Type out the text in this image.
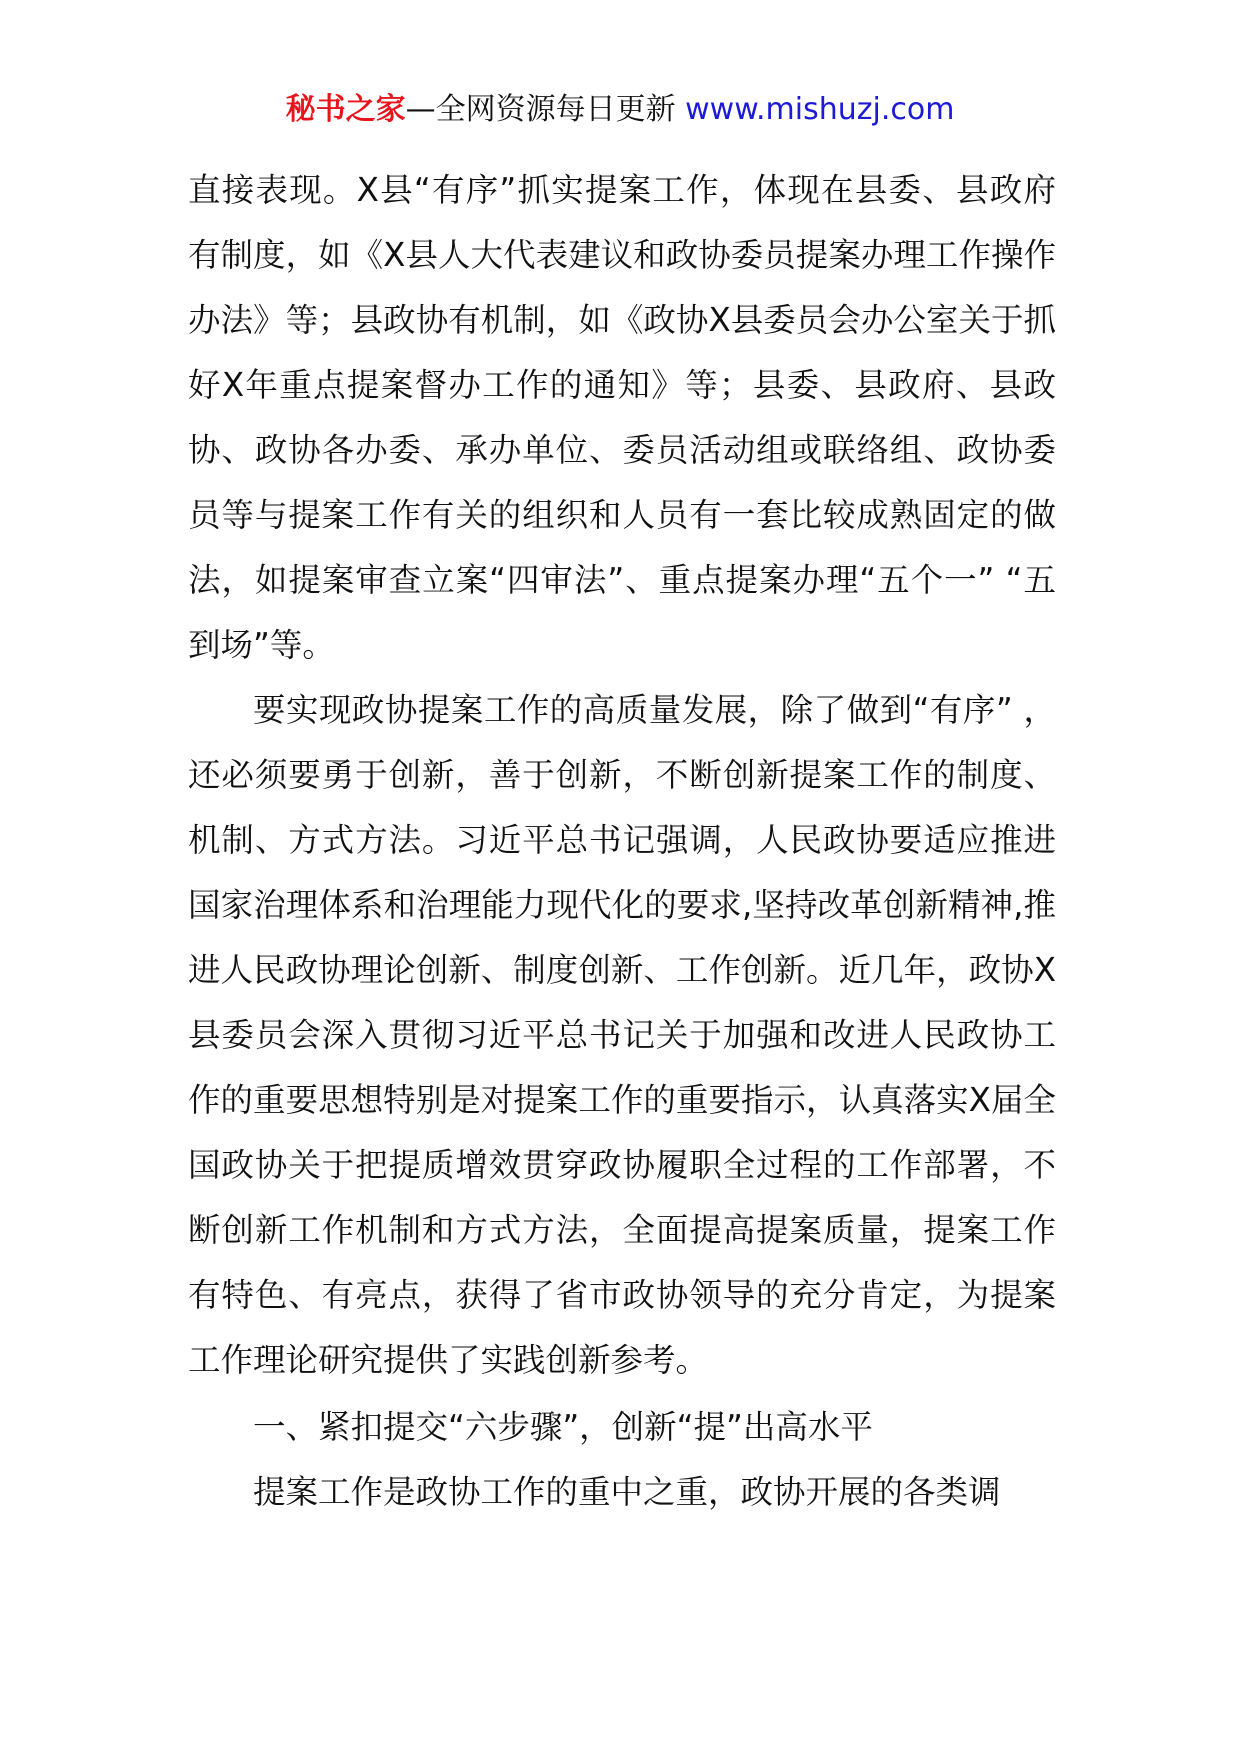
秘书之家—全网资源每日更新 www.mishuzj.com

直接表现。X县“有序”抓实提案工作，体现在县委、县政府有制度，如《X县人大代表建议和政协委员提案办理工作操作办法》等；县政协有机制，如《政协X县委员会办公室关于抓好X年重点提案督办工作的通知》等；县委、县政府、县政协、政协各办委、承办单位、委员活动组或联络组、政协委员等与提案工作有关的组织和人员有一套比较成熟固定的做法，如提案审查立案“四审法”、重点提案办理“五个一” “五到场”等。

要实现政协提案工作的高质量发展，除了做到“有序” ，还必须要勇于创新，善于创新，不断创新提案工作的制度、机制、方式方法。习近平总书记强调，人民政协要适应推进国家治理体系和治理能力现代化的要求,坚持改革创新精神,推进人民政协理论创新、制度创新、工作创新。近几年，政协X县委员会深入贯彻习近平总书记关于加强和改进人民政协工作的重要思想特别是对提案工作的重要指示，认真落实X届全国政协关于把提质增效贯穿政协履职全过程的工作部署，不断创新工作机制和方式方法，全面提高提案质量，提案工作有特色、有亮点，获得了省市政协领导的充分肯定，为提案工作理论研究提供了实践创新参考。

一、紧扣提交“六步骤”，创新“提”出高水平

提案工作是政协工作的重中之重，政协开展的各类调
